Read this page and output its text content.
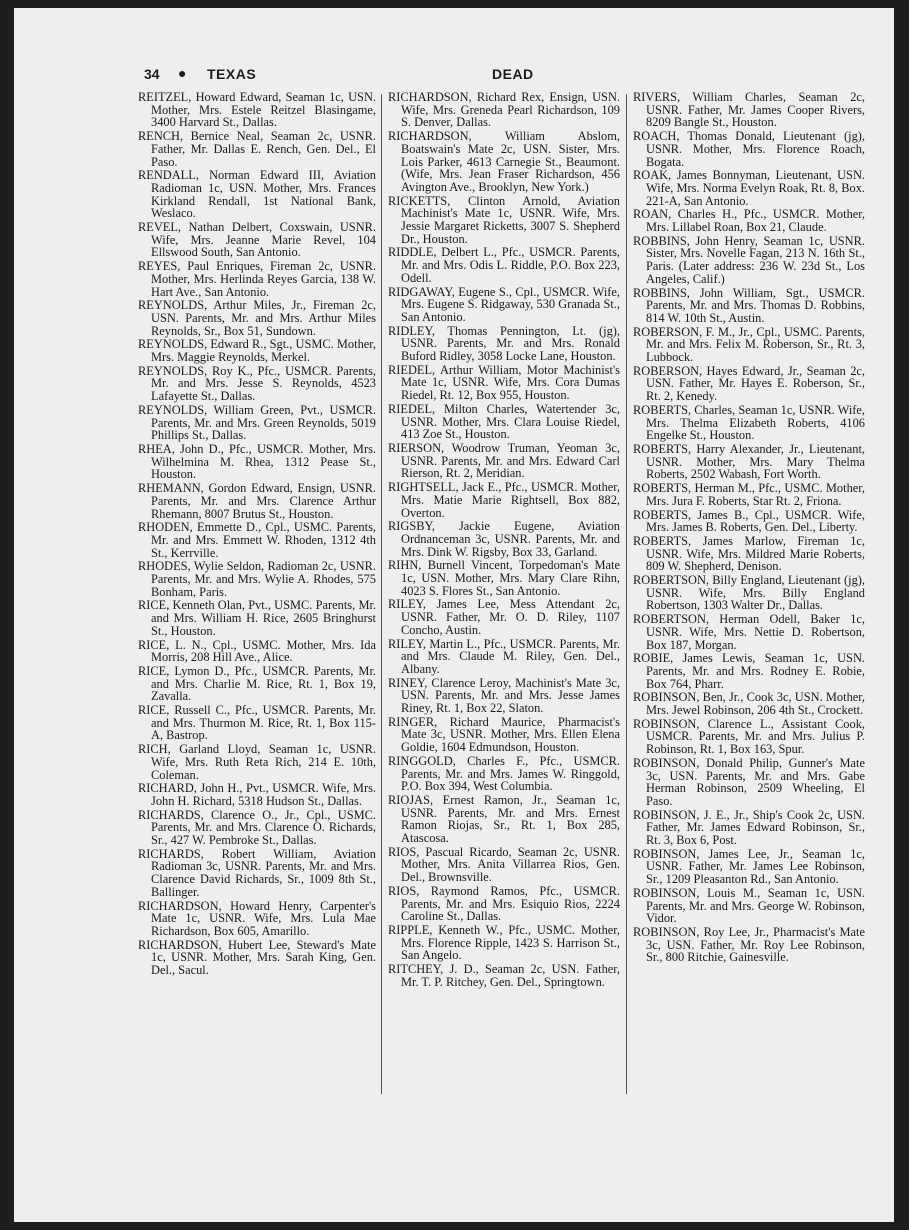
34 ● TEXAS	DEAD

REITZEL, Howard Edward, Seaman 1c, USN. Mother, Mrs. Estele Reitzel Blasingame, 3400 Harvard St., Dallas.

RENCH, Bernice Neal, Seaman 2c, USNR. Father, Mr. Dallas E. Rench, Gen. Del., El Paso.

RENDALL, Norman Edward III, Aviation Radioman 1c, USN. Mother, Mrs. Frances Kirkland Rendall, 1st National Bank, Weslaco.

REVEL, Nathan Delbert, Coxswain, USNR. Wife, Mrs. Jeanne Marie Revel, 104 Ellswood South, San Antonio.

REYES, Paul Enriques, Fireman 2c, USNR. Mother, Mrs. Herlinda Reyes Garcia, 138 W. Hart Ave., San Antonio.

REYNOLDS, Arthur Miles, Jr., Fireman 2c, USN. Parents, Mr. and Mrs. Arthur Miles Reynolds, Sr., Box 51, Sundown.

REYNOLDS, Edward R., Sgt., USMC. Mother, Mrs. Maggie Reynolds, Merkel.

REYNOLDS, Roy K., Pfc., USMCR. Parents, Mr. and Mrs. Jesse S. Reynolds, 4523 Lafayette St., Dallas.

REYNOLDS, William Green, Pvt., USMCR. Parents, Mr. and Mrs. Green Reynolds, 5019 Phillips St., Dallas.

RHEA, John D., Pfc., USMCR. Mother, Mrs. Wilhelmina M. Rhea, 1312 Pease St., Houston.

RHEMANN, Gordon Edward, Ensign, USNR. Parents, Mr. and Mrs. Clarence Arthur Rhemann, 8007 Brutus St., Houston.

RHODEN, Emmette D., Cpl., USMC. Parents, Mr. and Mrs. Emmett W. Rhoden, 1312 4th St., Kerrville.

RHODES, Wylie Seldon, Radioman 2c, USNR. Parents, Mr. and Mrs. Wylie A. Rhodes, 575 Bonham, Paris.

RICE, Kenneth Olan, Pvt., USMC. Parents, Mr. and Mrs. William H. Rice, 2605 Bringhurst St., Houston.

RICE, L. N., Cpl., USMC. Mother, Mrs. Ida Morris, 208 Hill Ave., Alice.

RICE, Lymon D., Pfc., USMCR. Parents, Mr. and Mrs. Charlie M. Rice, Rt. 1, Box 19, Zavalla.

RICE, Russell C., Pfc., USMCR. Parents, Mr. and Mrs. Thurmon M. Rice, Rt. 1, Box 115-A, Bastrop.

RICH, Garland Lloyd, Seaman 1c, USNR. Wife, Mrs. Ruth Reta Rich, 214 E. 10th, Coleman.

RICHARD, John H., Pvt., USMCR. Wife, Mrs. John H. Richard, 5318 Hudson St., Dallas.

RICHARDS, Clarence O., Jr., Cpl., USMC. Parents, Mr. and Mrs. Clarence O. Richards, Sr., 427 W. Pembroke St., Dallas.

RICHARDS, Robert William, Aviation Radioman 3c, USNR. Parents, Mr. and Mrs. Clarence David Richards, Sr., 1009 8th St., Ballinger.

RICHARDSON, Howard Henry, Carpenter's Mate 1c, USNR. Wife, Mrs. Lula Mae Richardson, Box 605, Amarillo.

RICHARDSON, Hubert Lee, Steward's Mate 1c, USNR. Mother, Mrs. Sarah King, Gen. Del., Sacul.

RICHARDSON, Richard Rex, Ensign, USN. Wife, Mrs. Greneda Pearl Richardson, 109 S. Denver, Dallas.

RICHARDSON, William Abslom, Boatswain's Mate 2c, USN. Sister, Mrs. Lois Parker, 4613 Carnegie St., Beaumont. (Wife, Mrs. Jean Fraser Richardson, 456 Avington Ave., Brooklyn, New York.)

RICKETTS, Clinton Arnold, Aviation Machinist's Mate 1c, USNR. Wife, Mrs. Jessie Margaret Ricketts, 3007 S. Shepherd Dr., Houston.

RIDDLE, Delbert L., Pfc., USMCR. Parents, Mr. and Mrs. Odis L. Riddle, P.O. Box 223, Odell.

RIDGAWAY, Eugene S., Cpl., USMCR. Wife, Mrs. Eugene S. Ridgaway, 530 Granada St., San Antonio.

RIDLEY, Thomas Pennington, Lt. (jg), USNR. Parents, Mr. and Mrs. Ronald Buford Ridley, 3058 Locke Lane, Houston.

RIEDEL, Arthur William, Motor Machinist's Mate 1c, USNR. Wife, Mrs. Cora Dumas Riedel, Rt. 12, Box 955, Houston.

RIEDEL, Milton Charles, Watertender 3c, USNR. Mother, Mrs. Clara Louise Riedel, 413 Zoe St., Houston.

RIERSON, Woodrow Truman, Yeoman 3c, USNR. Parents, Mr. and Mrs. Edward Carl Rierson, Rt. 2, Meridian.

RIGHTSELL, Jack E., Pfc., USMCR. Mother, Mrs. Matie Marie Rightsell, Box 882, Overton.

RIGSBY, Jackie Eugene, Aviation Ordnanceman 3c, USNR. Parents, Mr. and Mrs. Dink W. Rigsby, Box 33, Garland.

RIHN, Burnell Vincent, Torpedoman's Mate 1c, USN. Mother, Mrs. Mary Clare Rihn, 4023 S. Flores St., San Antonio.

RILEY, James Lee, Mess Attendant 2c, USNR. Father, Mr. O. D. Riley, 1107 Concho, Austin.

RILEY, Martin L., Pfc., USMCR. Parents, Mr. and Mrs. Claude M. Riley, Gen. Del., Albany.

RINEY, Clarence Leroy, Machinist's Mate 3c, USN. Parents, Mr. and Mrs. Jesse James Riney, Rt. 1, Box 22, Slaton.

RINGER, Richard Maurice, Pharmacist's Mate 3c, USNR. Mother, Mrs. Ellen Elena Goldie, 1604 Edmundson, Houston.

RINGGOLD, Charles F., Pfc., USMCR. Parents, Mr. and Mrs. James W. Ringgold, P.O. Box 394, West Columbia.

RIOJAS, Ernest Ramon, Jr., Seaman 1c, USNR. Parents, Mr. and Mrs. Ernest Ramon Riojas, Sr., Rt. 1, Box 285, Atascosa.

RIOS, Pascual Ricardo, Seaman 2c, USNR. Mother, Mrs. Anita Villarrea Rios, Gen. Del., Brownsville.

RIOS, Raymond Ramos, Pfc., USMCR. Parents, Mr. and Mrs. Esiquio Rios, 2224 Caroline St., Dallas.

RIPPLE, Kenneth W., Pfc., USMC. Mother, Mrs. Florence Ripple, 1423 S. Harrison St., San Angelo.

RITCHEY, J. D., Seaman 2c, USN. Father, Mr. T. P. Ritchey, Gen. Del., Springtown.

RIVERS, William Charles, Seaman 2c, USNR. Father, Mr. James Cooper Rivers, 8209 Bangle St., Houston.

ROACH, Thomas Donald, Lieutenant (jg), USNR. Mother, Mrs. Florence Roach, Bogata.

ROAK, James Bonnyman, Lieutenant, USN. Wife, Mrs. Norma Evelyn Roak, Rt. 8, Box. 221-A, San Antonio.

ROAN, Charles H., Pfc., USMCR. Mother, Mrs. Lillabel Roan, Box 21, Claude.

ROBBINS, John Henry, Seaman 1c, USNR. Sister, Mrs. Novelle Fagan, 213 N. 16th St., Paris. (Later address: 236 W. 23d St., Los Angeles, Calif.)

ROBBINS, John William, Sgt., USMCR. Parents, Mr. and Mrs. Thomas D. Robbins, 814 W. 10th St., Austin.

ROBERSON, F. M., Jr., Cpl., USMC. Parents, Mr. and Mrs. Felix M. Roberson, Sr., Rt. 3, Lubbock.

ROBERSON, Hayes Edward, Jr., Seaman 2c, USN. Father, Mr. Hayes E. Roberson, Sr., Rt. 2, Kenedy.

ROBERTS, Charles, Seaman 1c, USNR. Wife, Mrs. Thelma Elizabeth Roberts, 4106 Engelke St., Houston.

ROBERTS, Harry Alexander, Jr., Lieutenant, USNR. Mother, Mrs. Mary Thelma Roberts, 2502 Wabash, Fort Worth.

ROBERTS, Herman M., Pfc., USMC. Mother, Mrs. Jura F. Roberts, Star Rt. 2, Friona.

ROBERTS, James B., Cpl., USMCR. Wife, Mrs. James B. Roberts, Gen. Del., Liberty.

ROBERTS, James Marlow, Fireman 1c, USNR. Wife, Mrs. Mildred Marie Roberts, 809 W. Shepherd, Denison.

ROBERTSON, Billy England, Lieutenant (jg), USNR. Wife, Mrs. Billy England Robertson, 1303 Walter Dr., Dallas.

ROBERTSON, Herman Odell, Baker 1c, USNR. Wife, Mrs. Nettie D. Robertson, Box 187, Morgan.

ROBIE, James Lewis, Seaman 1c, USN. Parents, Mr. and Mrs. Rodney E. Robie, Box 764, Pharr.

ROBINSON, Ben, Jr., Cook 3c, USN. Mother, Mrs. Jewel Robinson, 206 4th St., Crockett.

ROBINSON, Clarence L., Assistant Cook, USMCR. Parents, Mr. and Mrs. Julius P. Robinson, Rt. 1, Box 163, Spur.

ROBINSON, Donald Philip, Gunner's Mate 3c, USN. Parents, Mr. and Mrs. Gabe Herman Robinson, 2509 Wheeling, El Paso.

ROBINSON, J. E., Jr., Ship's Cook 2c, USN. Father, Mr. James Edward Robinson, Sr., Rt. 3, Box 6, Post.

ROBINSON, James Lee, Jr., Seaman 1c, USNR. Father, Mr. James Lee Robinson, Sr., 1209 Pleasanton Rd., San Antonio.

ROBINSON, Louis M., Seaman 1c, USN. Parents, Mr. and Mrs. George W. Robinson, Vidor.

ROBINSON, Roy Lee, Jr., Pharmacist's Mate 3c, USN. Father, Mr. Roy Lee Robinson, Sr., 800 Ritchie, Gainesville.
